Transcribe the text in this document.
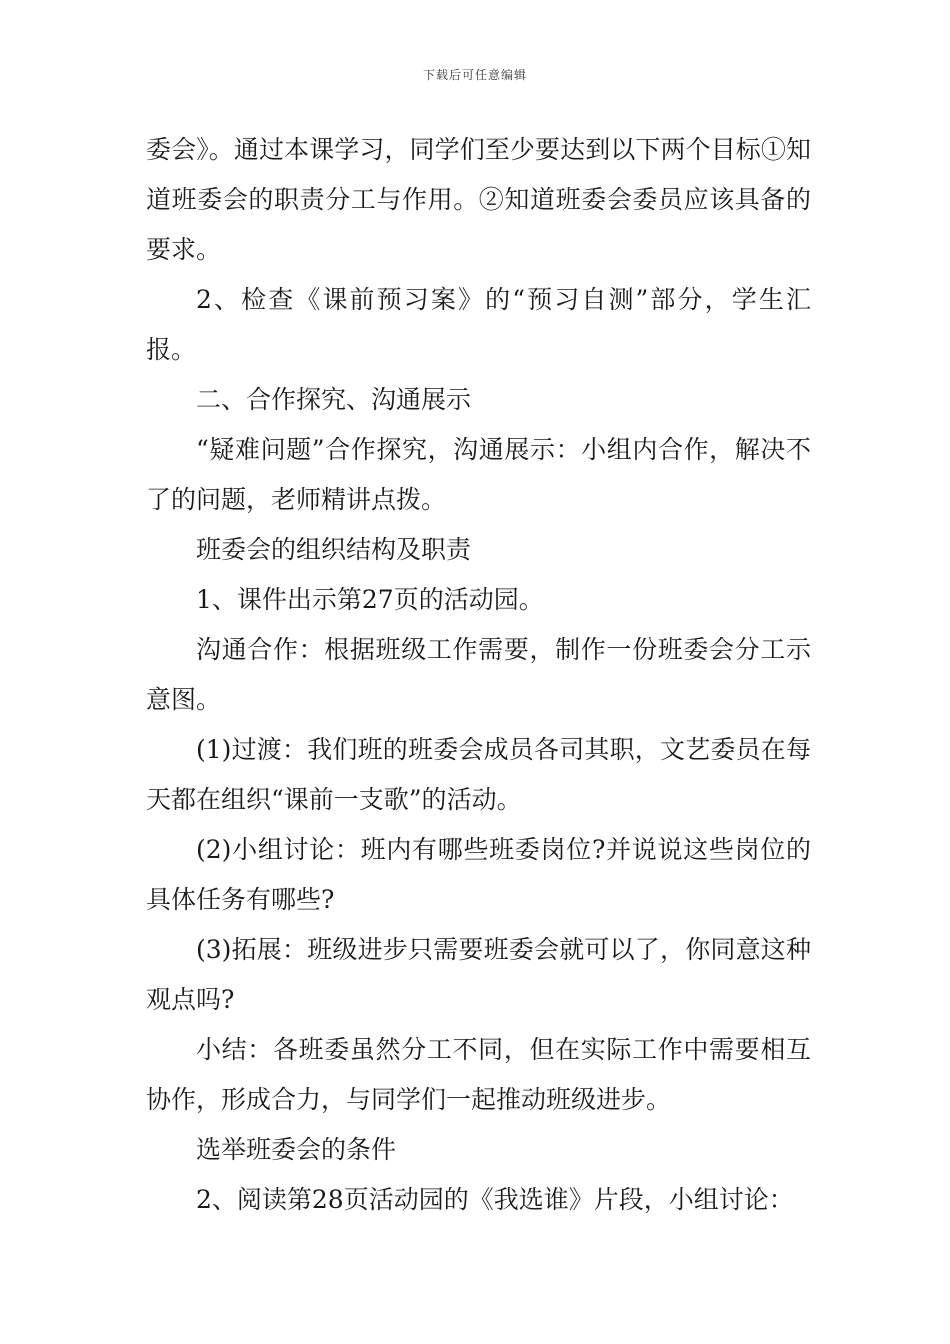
下载后可任意编辑

委会》。通过本课学习，同学们至少要达到以下两个目标①知道班委会的职责分工与作用。②知道班委会委员应该具备的要求。

2、检查《课前预习案》的“预习自测”部分，学生汇报。

二、合作探究、沟通展示

“疑难问题”合作探究，沟通展示：小组内合作，解决不了的问题，老师精讲点拨。

班委会的组织结构及职责

1、课件出示第27页的活动园。

沟通合作：根据班级工作需要，制作一份班委会分工示意图。

(1)过渡：我们班的班委会成员各司其职，文艺委员在每天都在组织“课前一支歌”的活动。

(2)小组讨论：班内有哪些班委岗位?并说说这些岗位的具体任务有哪些?

(3)拓展：班级进步只需要班委会就可以了，你同意这种观点吗?

小结：各班委虽然分工不同，但在实际工作中需要相互协作，形成合力，与同学们一起推动班级进步。

选举班委会的条件

2、阅读第28页活动园的《我选谁》片段，小组讨论：
